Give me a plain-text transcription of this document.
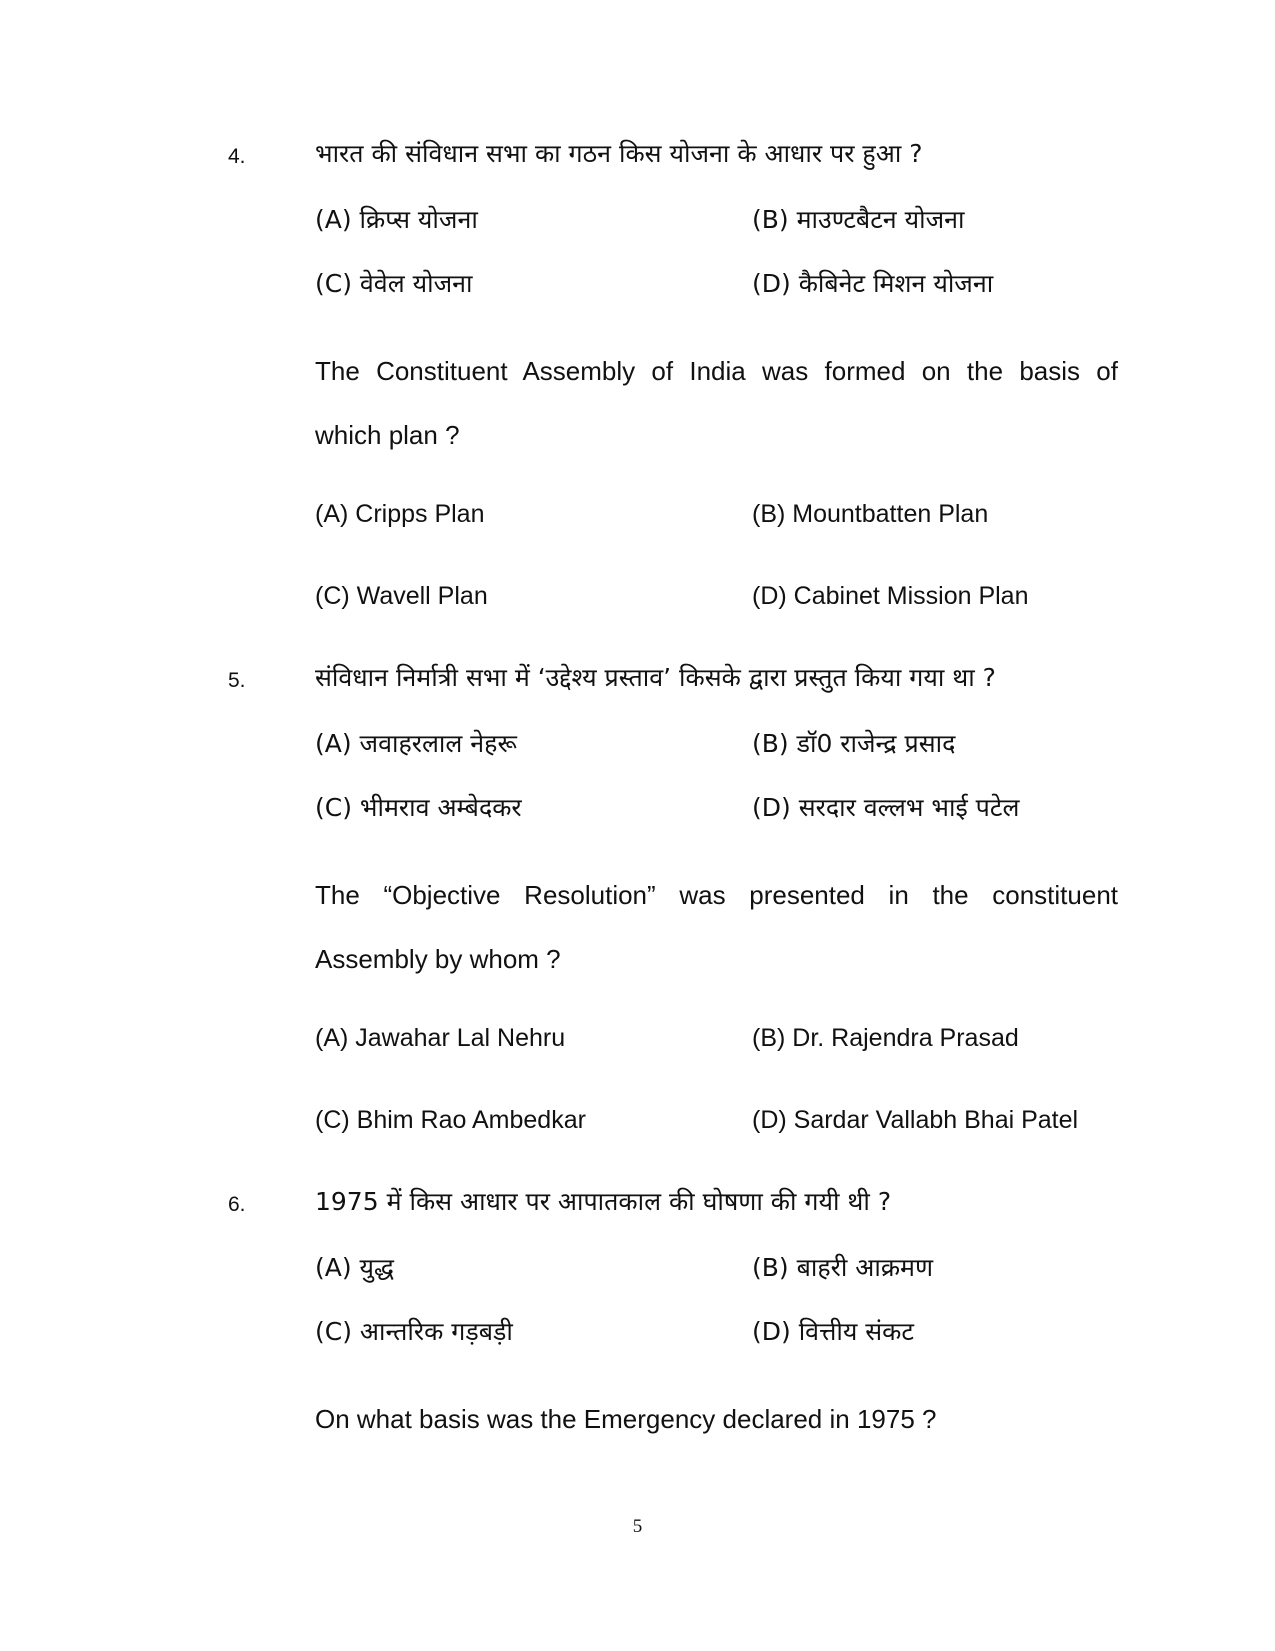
4.	भारत की संविधान सभा का गठन किस योजना के आधार पर हुआ ?
(A) क्रिप्स योजना	(B) माउण्टबैटन योजना
(C) वेवेल योजना	(D) कैबिनेट मिशन योजना
The Constituent Assembly of India was formed on the basis of
which plan ?
(A) Cripps Plan	(B) Mountbatten Plan
(C) Wavell Plan	(D) Cabinet Mission Plan
5.	संविधान निर्मात्री सभा में ‘उद्देश्य प्रस्ताव’ किसके द्वारा प्रस्तुत किया गया था ?
(A) जवाहरलाल नेहरू	(B) डॉ0 राजेन्द्र प्रसाद
(C) भीमराव अम्बेदकर	(D) सरदार वल्लभ भाई पटेल
The “Objective Resolution” was presented in the constituent
Assembly by whom ?
(A) Jawahar Lal Nehru	(B) Dr. Rajendra Prasad
(C) Bhim Rao Ambedkar	(D) Sardar Vallabh Bhai Patel
6.	1975 में किस आधार पर आपातकाल की घोषणा की गयी थी ?
(A) युद्ध	(B) बाहरी आक्रमण
(C) आन्तरिक गड़बड़ी	(D) वित्तीय संकट
On what basis was the Emergency declared in 1975 ?
5
